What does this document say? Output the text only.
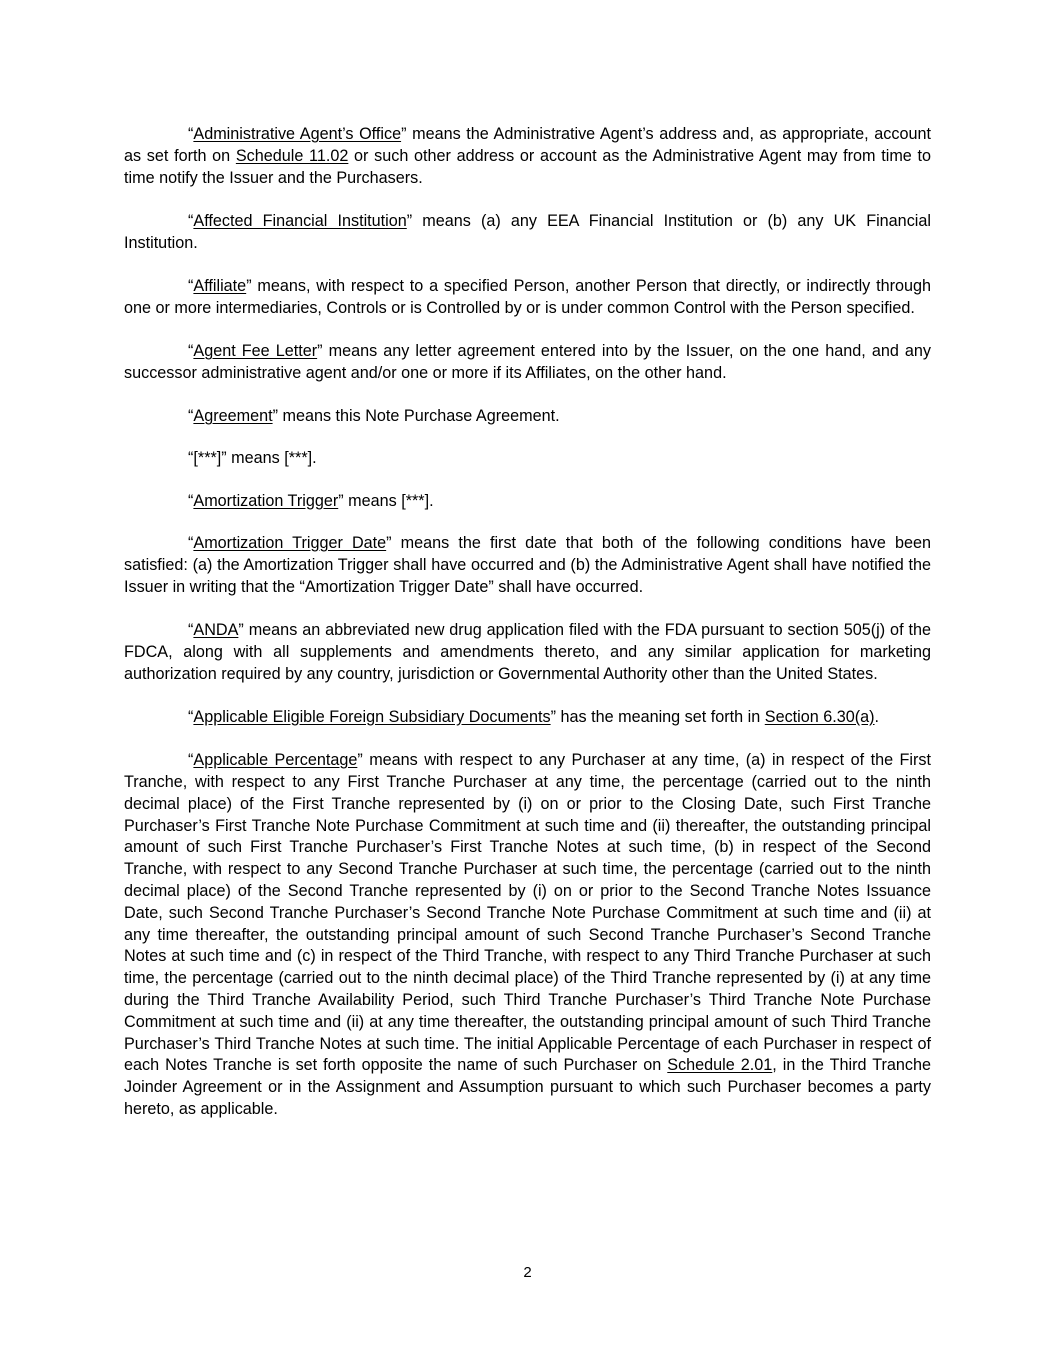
“Administrative Agent’s Office” means the Administrative Agent’s address and, as appropriate, account as set forth on Schedule 11.02 or such other address or account as the Administrative Agent may from time to time notify the Issuer and the Purchasers.

“Affected Financial Institution” means (a) any EEA Financial Institution or (b) any UK Financial Institution.

“Affiliate” means, with respect to a specified Person, another Person that directly, or indirectly through one or more intermediaries, Controls or is Controlled by or is under common Control with the Person specified.

“Agent Fee Letter” means any letter agreement entered into by the Issuer, on the one hand, and any successor administrative agent and/or one or more if its Affiliates, on the other hand.

“Agreement” means this Note Purchase Agreement.

“[***]” means [***].

“Amortization Trigger” means [***].

“Amortization Trigger Date” means the first date that both of the following conditions have been satisfied: (a) the Amortization Trigger shall have occurred and (b) the Administrative Agent shall have notified the Issuer in writing that the “Amortization Trigger Date” shall have occurred.

“ANDA” means an abbreviated new drug application filed with the FDA pursuant to section 505(j) of the FDCA, along with all supplements and amendments thereto, and any similar application for marketing authorization required by any country, jurisdiction or Governmental Authority other than the United States.

“Applicable Eligible Foreign Subsidiary Documents” has the meaning set forth in Section 6.30(a).

“Applicable Percentage” means with respect to any Purchaser at any time, (a) in respect of the First Tranche, with respect to any First Tranche Purchaser at any time, the percentage (carried out to the ninth decimal place) of the First Tranche represented by (i) on or prior to the Closing Date, such First Tranche Purchaser’s First Tranche Note Purchase Commitment at such time and (ii) thereafter, the outstanding principal amount of such First Tranche Purchaser’s First Tranche Notes at such time, (b) in respect of the Second Tranche, with respect to any Second Tranche Purchaser at such time, the percentage (carried out to the ninth decimal place) of the Second Tranche represented by (i) on or prior to the Second Tranche Notes Issuance Date, such Second Tranche Purchaser’s Second Tranche Note Purchase Commitment at such time and (ii) at any time thereafter, the outstanding principal amount of such Second Tranche Purchaser’s Second Tranche Notes at such time and (c) in respect of the Third Tranche, with respect to any Third Tranche Purchaser at such time, the percentage (carried out to the ninth decimal place) of the Third Tranche represented by (i) at any time during the Third Tranche Availability Period, such Third Tranche Purchaser’s Third Tranche Note Purchase Commitment at such time and (ii) at any time thereafter, the outstanding principal amount of such Third Tranche Purchaser’s Third Tranche Notes at such time. The initial Applicable Percentage of each Purchaser in respect of each Notes Tranche is set forth opposite the name of such Purchaser on Schedule 2.01, in the Third Tranche Joinder Agreement or in the Assignment and Assumption pursuant to which such Purchaser becomes a party hereto, as applicable.

2
